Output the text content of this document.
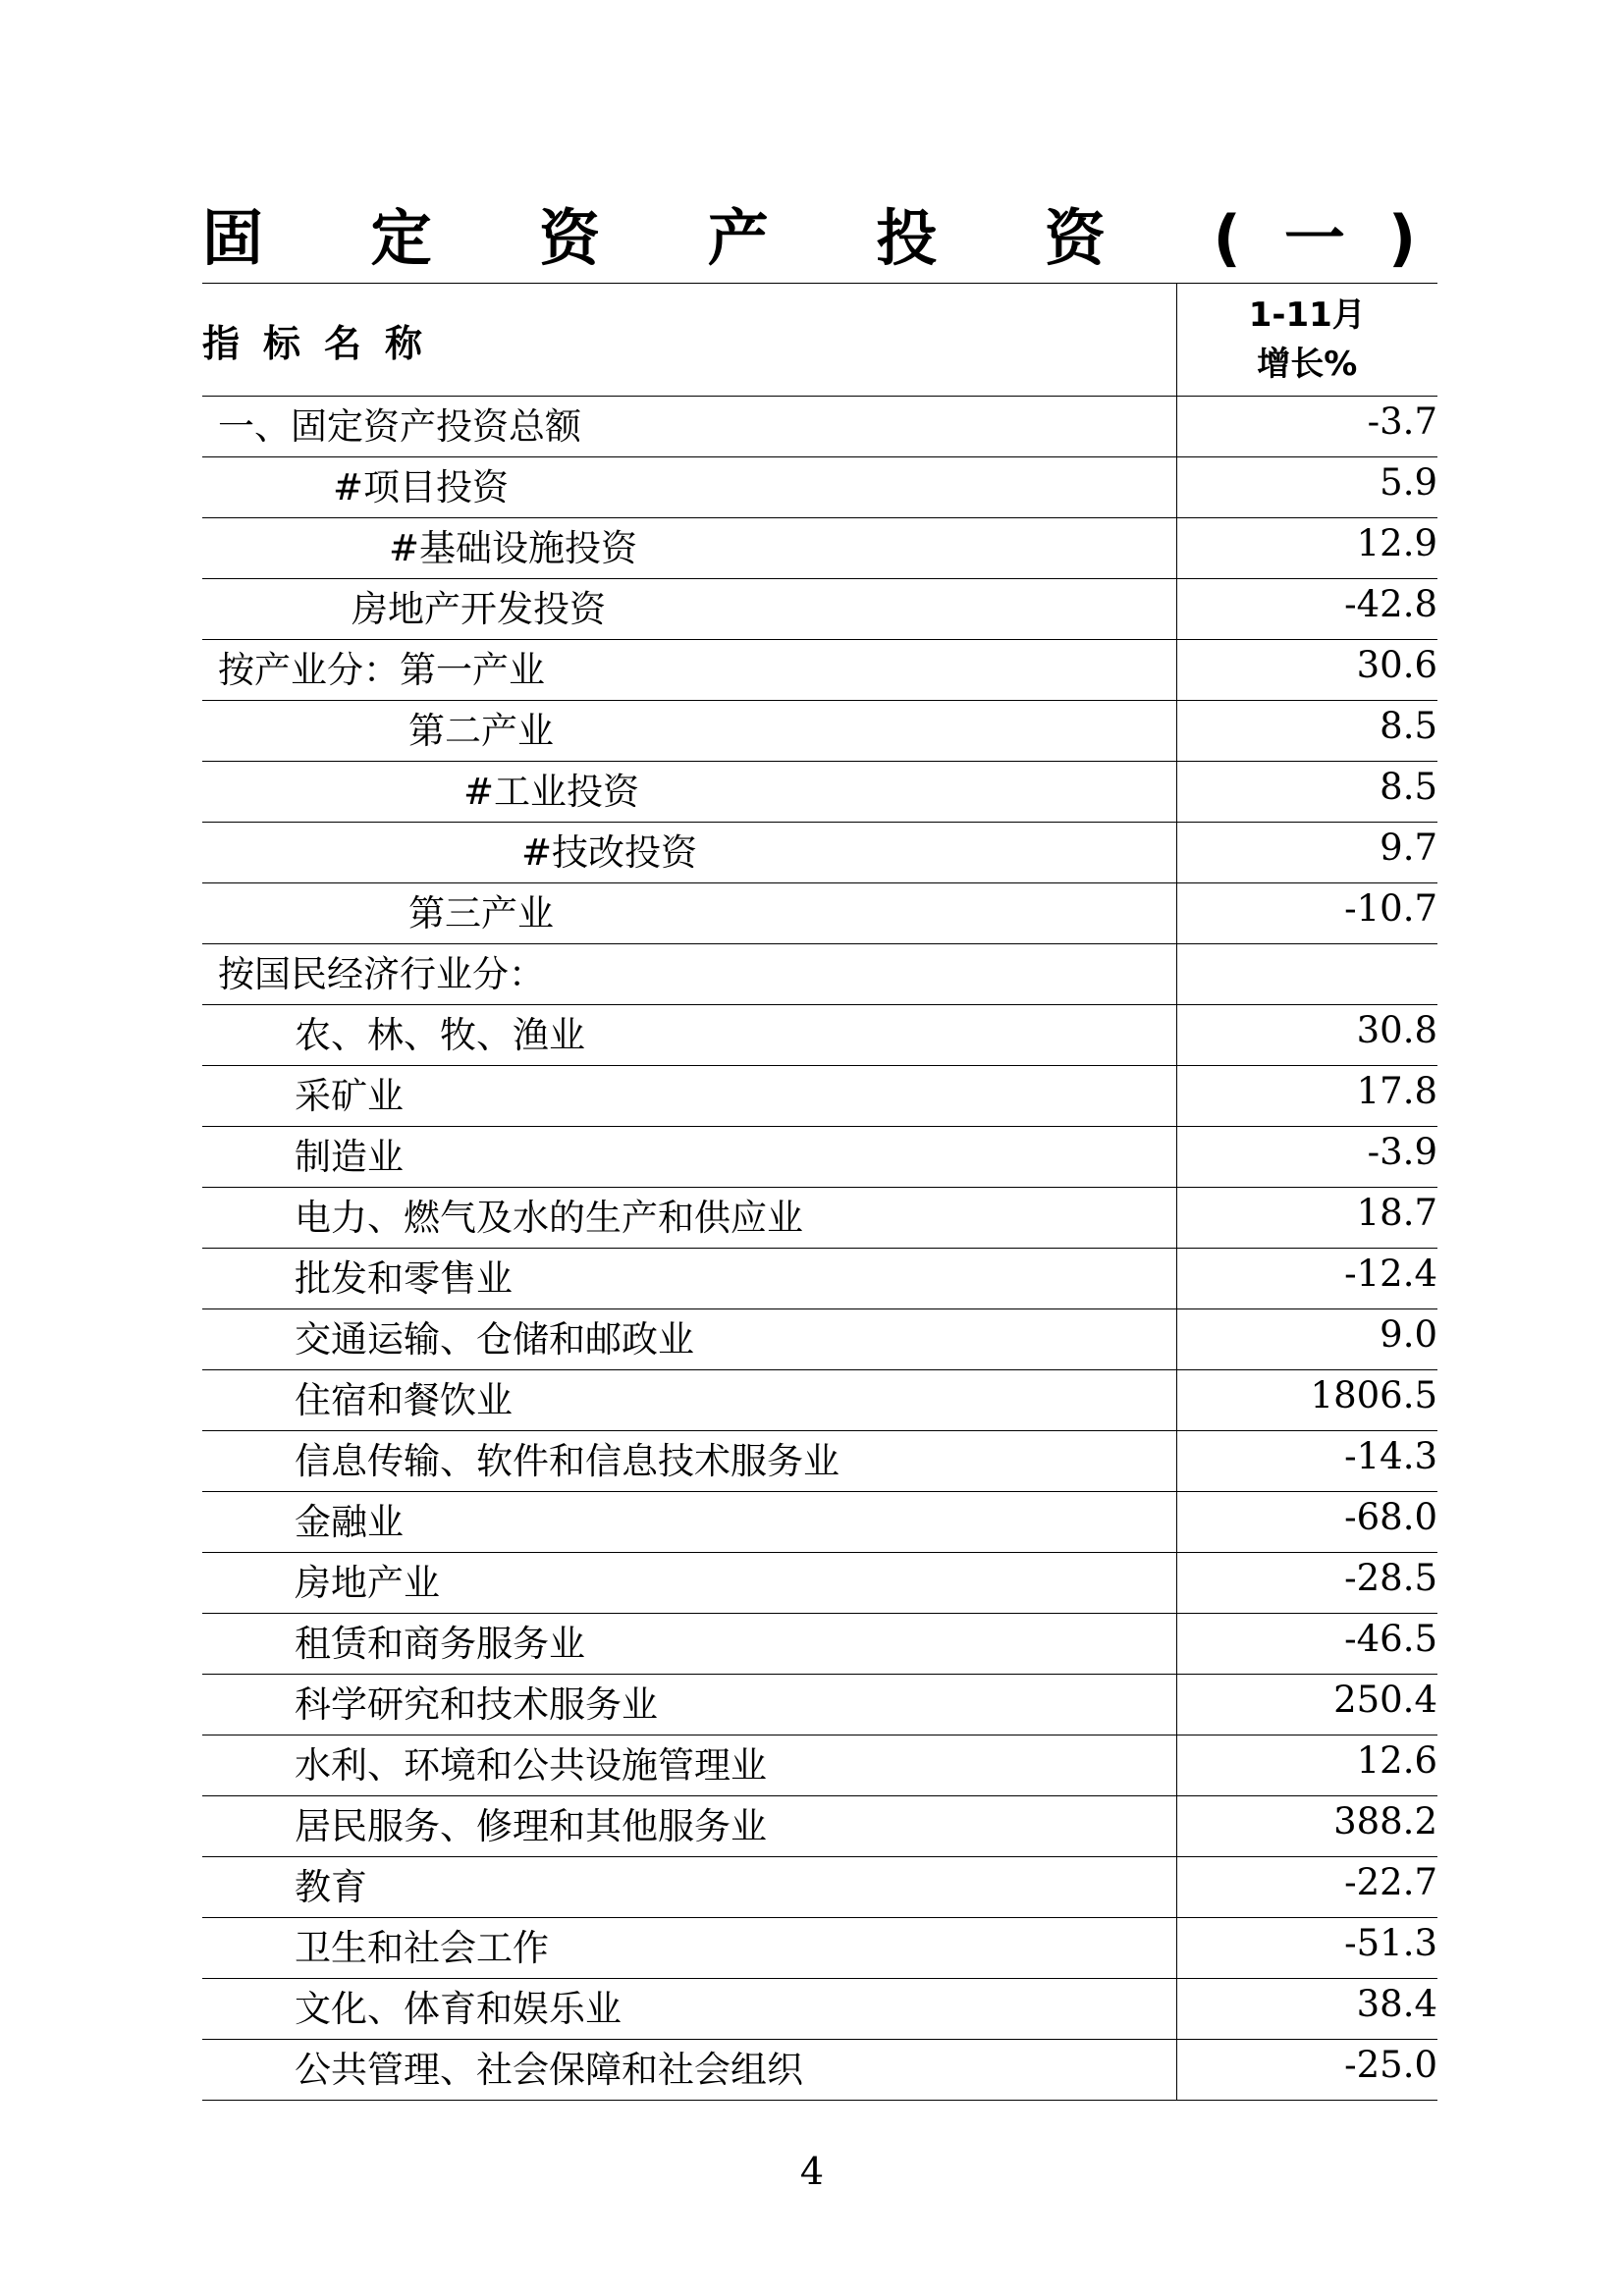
固 定 资 产 投 资 (一)
指标名称	1-11月
增长%

一、固定资产投资总额	-3.7
#项目投资	5.9
#基础设施投资	12.9
房地产开发投资	-42.8
按产业分：第一产业	30.6
第二产业	8.5
#工业投资	8.5
#技改投资	9.7
第三产业	-10.7
按国民经济行业分：	
农、林、牧、渔业	30.8
采矿业	17.8
制造业	-3.9
电力、燃气及水的生产和供应业	18.7
批发和零售业	-12.4
交通运输、仓储和邮政业	9.0
住宿和餐饮业	1806.5
信息传输、软件和信息技术服务业	-14.3
金融业	-68.0
房地产业	-28.5
租赁和商务服务业	-46.5
科学研究和技术服务业	250.4
水利、环境和公共设施管理业	12.6
居民服务、修理和其他服务业	388.2
教育	-22.7
卫生和社会工作	-51.3
文化、体育和娱乐业	38.4
公共管理、社会保障和社会组织	-25.0
4
